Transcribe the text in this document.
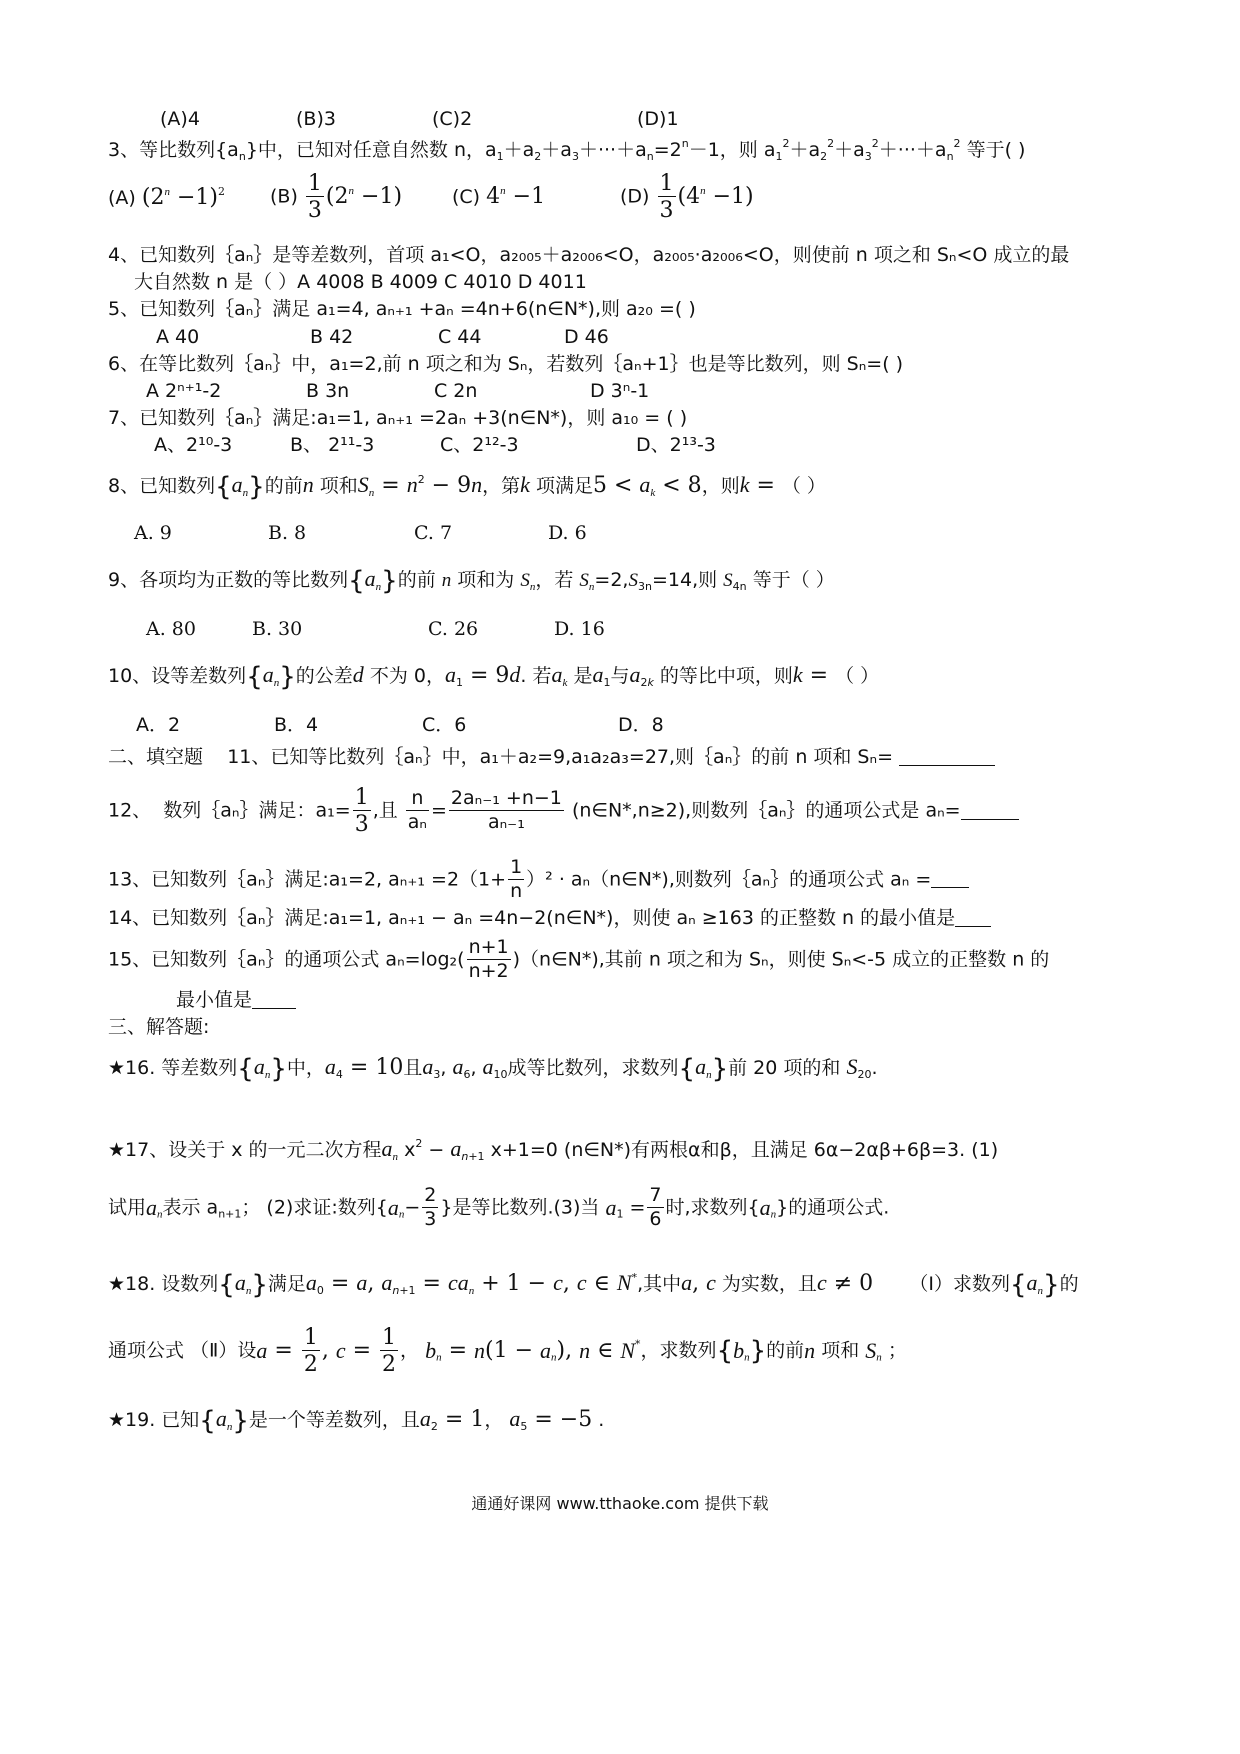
(A)4	(B)3	(C)2	(D)1
3、等比数列$\{a_n\}$中，已知对任意自然数 n，$a_1+a_2+a_3+\cdot\cdot\cdot+a_n=2^n-1$，则 $a_1^2+a_2^2+a_3^2+\cdot\cdot\cdot+a_n^2$ 等于( )
(A) $(2^n -1)^2$ $(B) \frac{1}{3} (2^n -1)$	(C) $4^n -1$	$(D) \frac{1}{3} (4^n -1)$
4、已知数列｛aₙ｝是等差数列，首项 a₁<O，a₂₀₀₅＋a₂₀₀₆<O，a₂₀₀₅·a₂₀₀₆<O，则使前 n 项之和 Sₙ<O 成立的最
大自然数 n 是（ ）A 4008 B 4009 C 4010 D 4011
5、已知数列｛aₙ｝满足 a₁=4, aₙ₊₁ +aₙ =4n+6(n∈N*),则 a₂₀ =( )
A 40	B 42	C 44	D 46
6、在等比数列｛aₙ｝中，a₁=2,前 n 项之和为 Sₙ，若数列｛aₙ+1｝也是等比数列，则 Sₙ=( )
A 2ⁿ⁺¹-2	B 3n	C 2n	D 3ⁿ-1
7、已知数列｛aₙ｝满足:a₁=1, aₙ₊₁ =2aₙ +3(n∈N*)，则 a₁₀ = ( )
A、2¹⁰-3	B、 2¹¹-3	C、2¹²-3	D、2¹³-3
8、已知数列$\{a_n\}$的前n 项和$S_n = n^2 - 9n$，第k 项满足$5 < a_k < 8$，则k = （ ）
A. 9	B. 8	C. 7	D. 6
9、各项均为正数的等比数列$\{a_n\}$的前 n 项和为 $S_n$，若 $S_n=2,S_{3n}=14$,则 $S_{4n}$ 等于（ ）
A. 80	B. 30	C. 26	D. 16
10、设等差数列$\{a_n\}$的公差d 不为 0，$a_1 = 9d$. 若$a_k$ 是$a_1$与$a_{2k}$ 的等比中项，则k = （ ）
A．2	B．4	C．6	D．8
二、填空题 11、已知等比数列｛aₙ｝中，a₁＋a₂=9,a₁a₂a₃=27,则｛aₙ｝的前 n 项和 Sₙ=
12、 数列｛aₙ｝满足：$a_1= \frac{1}{3}$ ,且 $\frac{n}{\text{aₙ}} = \frac{\text{2aₙ₋₁ +n−1}}{\text{aₙ₋₁}}$ (n∈N*,n≥2),则数列｛aₙ｝的通项公式是 aₙ=
13、已知数列｛aₙ｝满足:a₁=2, $a_{n+1} =2(1+ \frac{1}{n} )^2$ · aₙ（n∈N*),则数列｛aₙ｝的通项公式 aₙ =
14、已知数列｛aₙ｝满足:a₁=1, aₙ₊₁ − aₙ =4n−2(n∈N*)，则使 aₙ ≥163 的正整数 n 的最小值是
15、已知数列｛aₙ｝的通项公式 $a_n=\log_2( \frac{n+1}{n+2}$ )（n∈N*),其前 n 项之和为 Sₙ，则使 Sₙ<-5 成立的正整数 n 的
最小值是
三、解答题:
★16. 等差数列$\{a_n\}$中，$a_4 = 10$且$a_3$, $a_6$, $a_{10}$成等比数列，求数列$\{a_n\}$前 20 项的和 $S_{20}$.
★17、设关于 x 的一元二次方程$a_n$ $x^2 - a_{n+1}$ x+1=0 (n∈N*)有两根α和β，且满足 6α−2αβ+6β=3. (1)
试用$a_n$表示 $a_{n+1}$； (2)求证:数列{$a_n- \frac{2}{3}$ }是等比数列.(3)当 $a_1 = \frac{7}{6}$ 时,求数列$\{a_n\}$的通项公式.
★18. 设数列$\{a_n\}$满足$a_0 = a$, $a_{n+1} = ca_n + 1 - c$, c ∈ N*,其中a, c 为实数，且c ≠ 0 （Ⅰ）求数列$\{a_n\}$的
通项公式 （Ⅱ）设$a = \frac{1}{2}$ , $c = \frac{1}{2}$ ， $b_n = n(1 - a_n)$, n ∈ N*，求数列$\{b_n\}$的前n 项和 $S_n$ ；
★19. 已知$\{a_n\}$是一个等差数列，且$a_2 = 1$， $a_5 = -5$ .
通通好课网 www.tthaoke.com 提供下载
